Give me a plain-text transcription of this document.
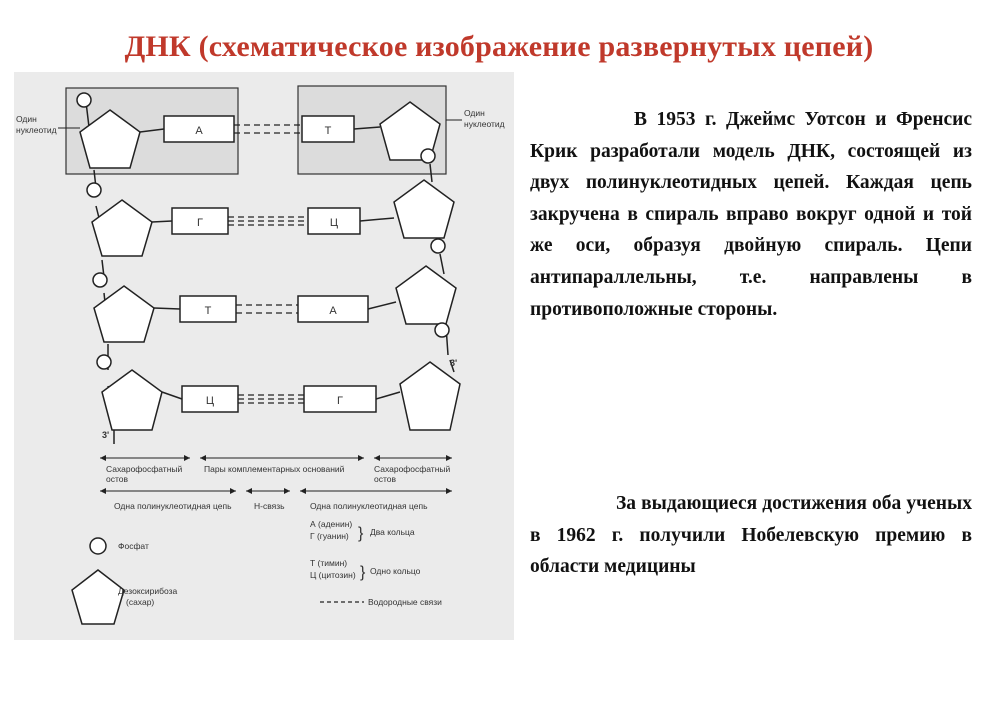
ДНК (схематическое изображение развернутых цепей)
А	Т
Г	Ц
Т	А
Ц	Г
Один
нуклеотид
Один
нуклеотид
3'
3'
Сахарофосфатный
остов
Пары комплементарных оснований	Сахарофосфатный
остов
Одна полинуклеотидная цепь	Н-связь	Одна полинуклеотидная цепь
Фосфат
Дезоксирибоза
(сахар)
А (аденин)
Г (гуанин) } Два кольца
Т (тимин)
Ц (цитозин) } Одно кольцо
Водородные связи
В 1953 г. Джеймс Уотсон и Френсис Крик разработали модель ДНК, состоящей из двух полинуклеотидных цепей. Каждая цепь закручена в спираль вправо вокруг одной и той же оси, образуя двойную спираль. Цепи антипараллельны, т.е. направлены в противоположные стороны.
За выдающиеся достижения оба ученых в 1962 г. получили Нобелевскую премию в области медицины
